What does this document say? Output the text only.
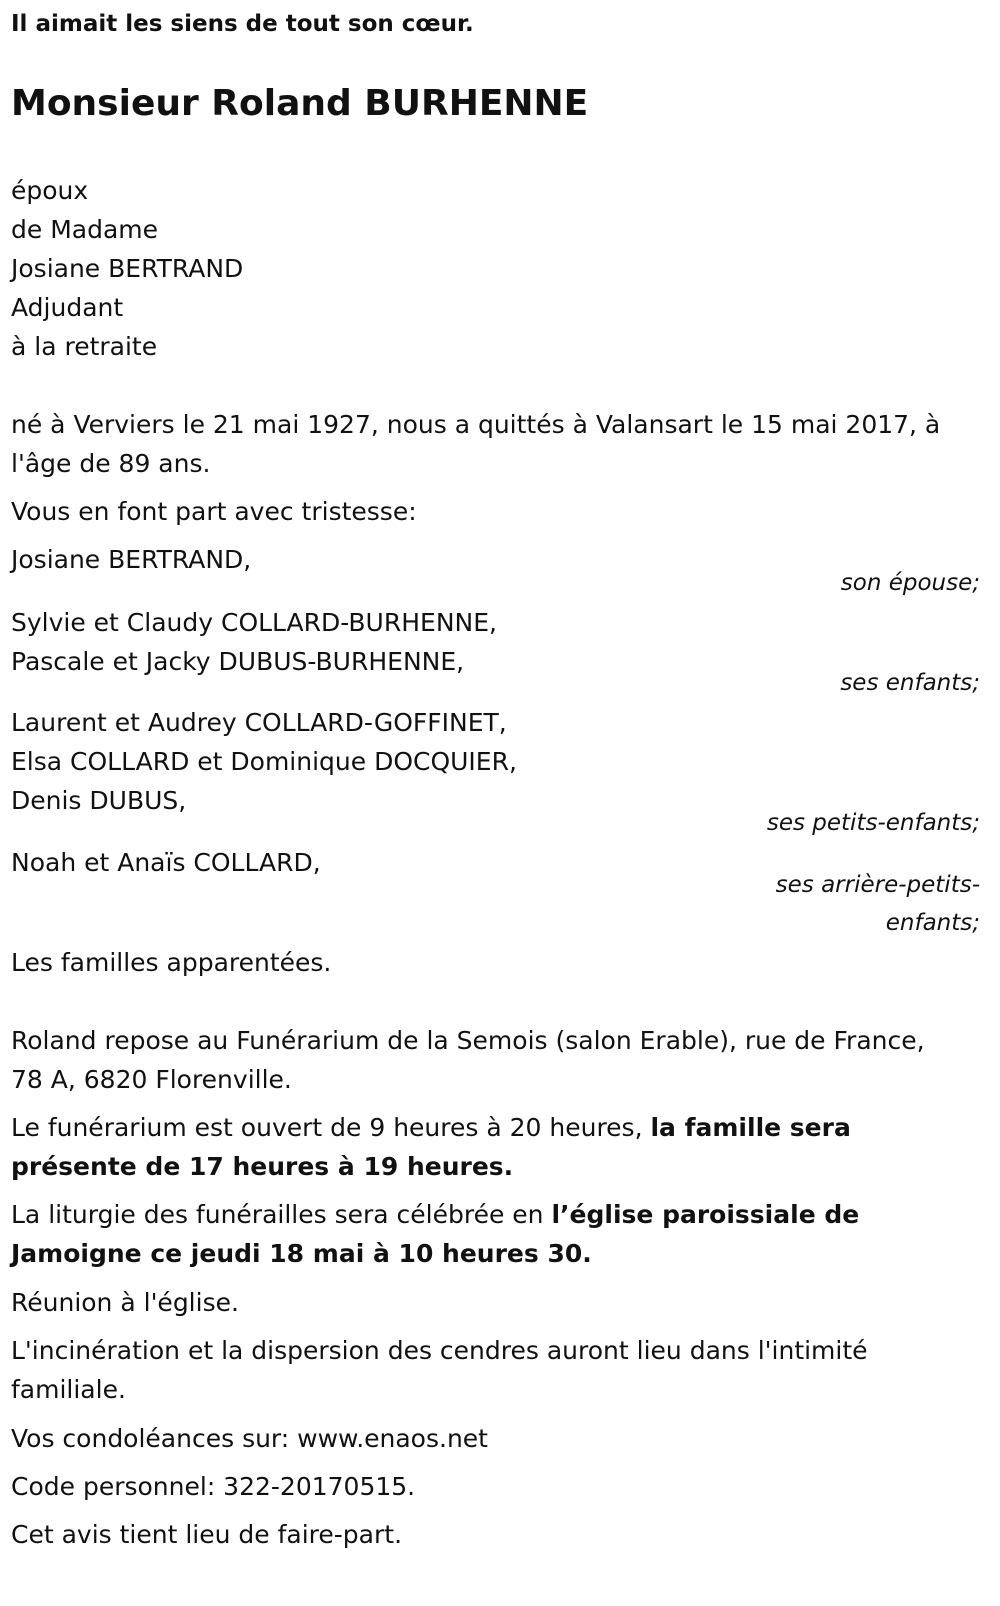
Il aimait les siens de tout son cœur.
Monsieur Roland BURHENNE
époux
de Madame
Josiane BERTRAND
Adjudant
à la retraite
né à Verviers le 21 mai 1927, nous a quittés à Valansart le 15 mai 2017, à
l'âge de 89 ans.
Vous en font part avec tristesse:
Josiane BERTRAND,
son épouse;
Sylvie et Claudy COLLARD-BURHENNE,
Pascale et Jacky DUBUS-BURHENNE,
ses enfants;
Laurent et Audrey COLLARD-GOFFINET,
Elsa COLLARD et Dominique DOCQUIER,
Denis DUBUS,
ses petits-enfants;
Noah et Anaïs COLLARD,
ses arrière-petits-
enfants;
Les familles apparentées.
Roland repose au Funérarium de la Semois (salon Erable), rue de France,
78 A, 6820 Florenville.
Le funérarium est ouvert de 9 heures à 20 heures, la famille sera
présente de 17 heures à 19 heures.
La liturgie des funérailles sera célébrée en l’église paroissiale de
Jamoigne ce jeudi 18 mai à 10 heures 30.
Réunion à l'église.
L'incinération et la dispersion des cendres auront lieu dans l'intimité
familiale.
Vos condoléances sur: www.enaos.net
Code personnel: 322-20170515.
Cet avis tient lieu de faire-part.
